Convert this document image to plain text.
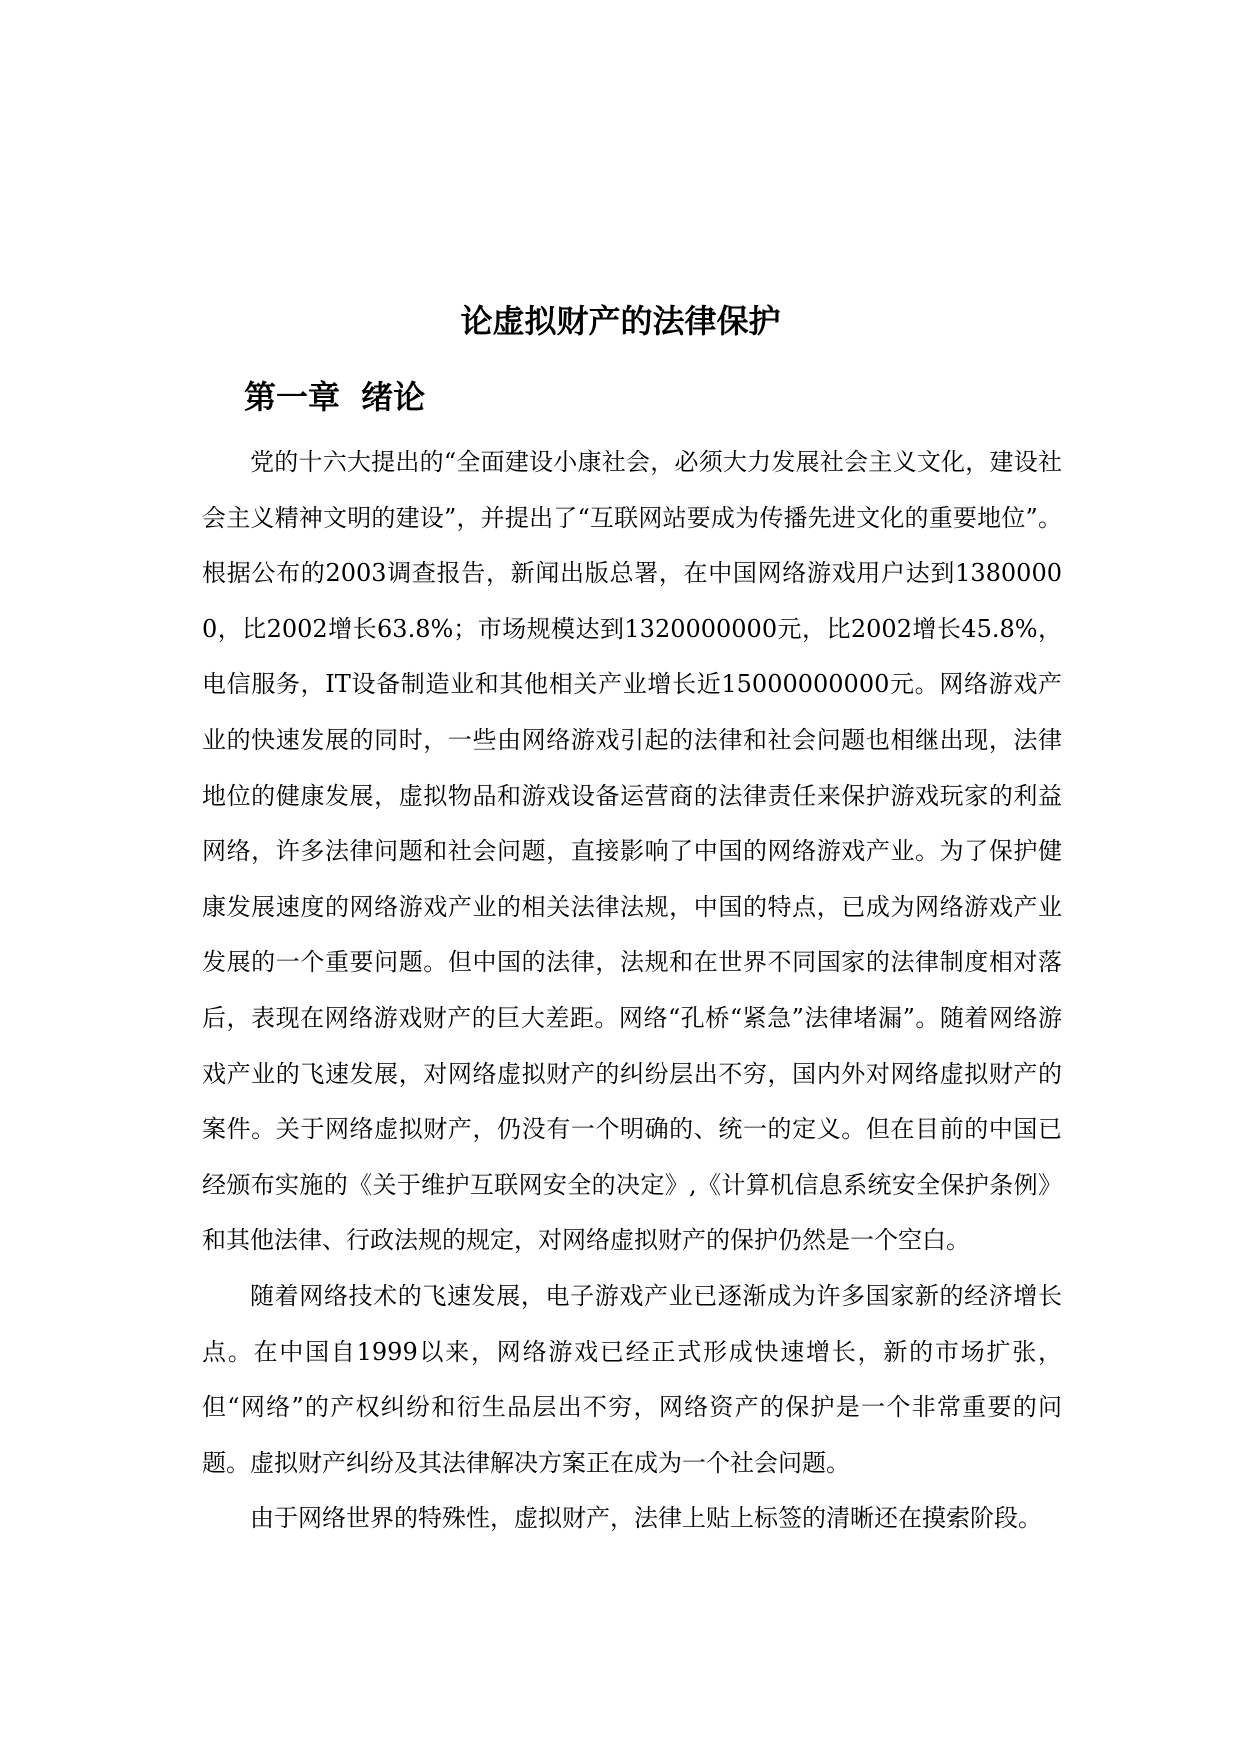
论虚拟财产的法律保护
第一章 绪论

党的十六大提出的“全面建设小康社会，必须大力发展社会主义文化，建设社会主义精神文明的建设”，并提出了“互联网站要成为传播先进文化的重要地位”。根据公布的2003调查报告，新闻出版总署，在中国网络游戏用户达到13800000，比2002增长63.8%；市场规模达到1320000000元，比2002增长45.8%，电信服务，IT设备制造业和其他相关产业增长近15000000000元。网络游戏产业的快速发展的同时，一些由网络游戏引起的法律和社会问题也相继出现，法律地位的健康发展，虚拟物品和游戏设备运营商的法律责任来保护游戏玩家的利益网络，许多法律问题和社会问题，直接影响了中国的网络游戏产业。为了保护健康发展速度的网络游戏产业的相关法律法规，中国的特点，已成为网络游戏产业发展的一个重要问题。但中国的法律，法规和在世界不同国家的法律制度相对落后，表现在网络游戏财产的巨大差距。网络“孔桥“紧急”法律堵漏”。随着网络游戏产业的飞速发展，对网络虚拟财产的纠纷层出不穷，国内外对网络虚拟财产的案件。关于网络虚拟财产，仍没有一个明确的、统一的定义。但在目前的中国已经颁布实施的《关于维护互联网安全的决定》,《计算机信息系统安全保护条例》和其他法律、行政法规的规定，对网络虚拟财产的保护仍然是一个空白。

随着网络技术的飞速发展，电子游戏产业已逐渐成为许多国家新的经济增长点。在中国自1999以来，网络游戏已经正式形成快速增长，新的市场扩张，但“网络”的产权纠纷和衍生品层出不穷，网络资产的保护是一个非常重要的问题。虚拟财产纠纷及其法律解决方案正在成为一个社会问题。

由于网络世界的特殊性，虚拟财产，法律上贴上标签的清晰还在摸索阶段。
